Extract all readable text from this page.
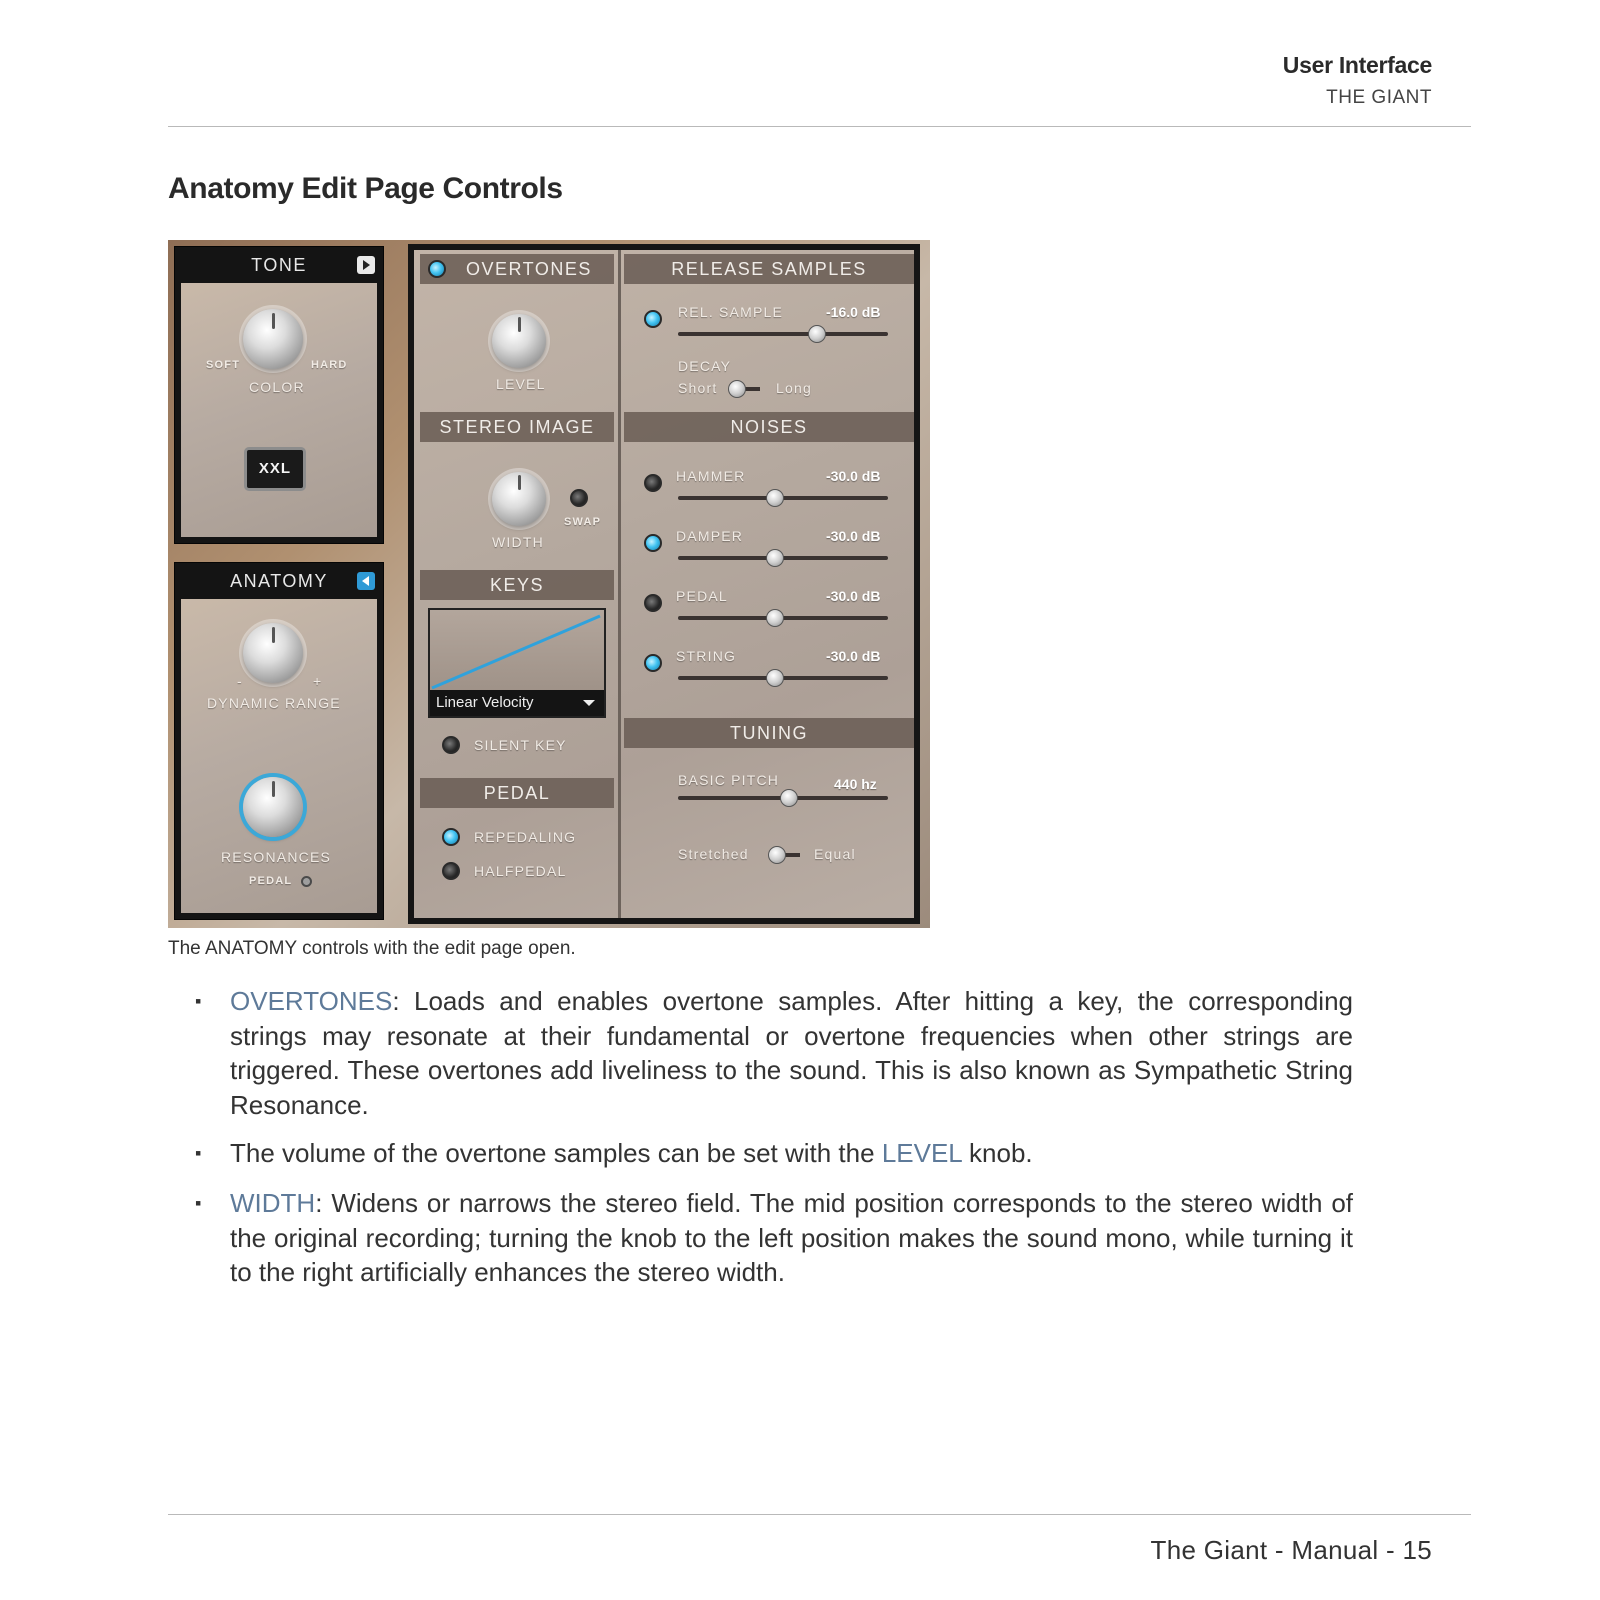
User Interface
THE GIANT
Anatomy Edit Page Controls
TONE
SOFT	HARD
COLOR
XXL
ANATOMY
-	+
DYNAMIC RANGE
RESONANCES
PEDAL
OVERTONES
LEVEL
STEREO IMAGE
WIDTH
SWAP
KEYS
Linear Velocity
SILENT KEY
PEDAL
REPEDALING
HALFPEDAL
RELEASE SAMPLES
REL. SAMPLE	-16.0 dB
DECAY
Short	Long
NOISES
HAMMER	-30.0 dB
DAMPER	-30.0 dB
PEDAL	-30.0 dB
STRING	-30.0 dB
TUNING
BASIC PITCH	440 hz
Stretched	Equal
The ANATOMY controls with the edit page open.
▪ OVERTONES: Loads and enables overtone samples. After hitting a key, the corresponding strings may resonate at their fundamental or overtone frequencies when other strings are triggered. These overtones add liveliness to the sound. This is also known as Sympathetic String Resonance.
▪ The volume of the overtone samples can be set with the LEVEL knob.
▪ WIDTH: Widens or narrows the stereo field. The mid position corresponds to the stereo width of the original recording; turning the knob to the left position makes the sound mono, while turning it to the right artificially enhances the stereo width.
The Giant - Manual - 15
